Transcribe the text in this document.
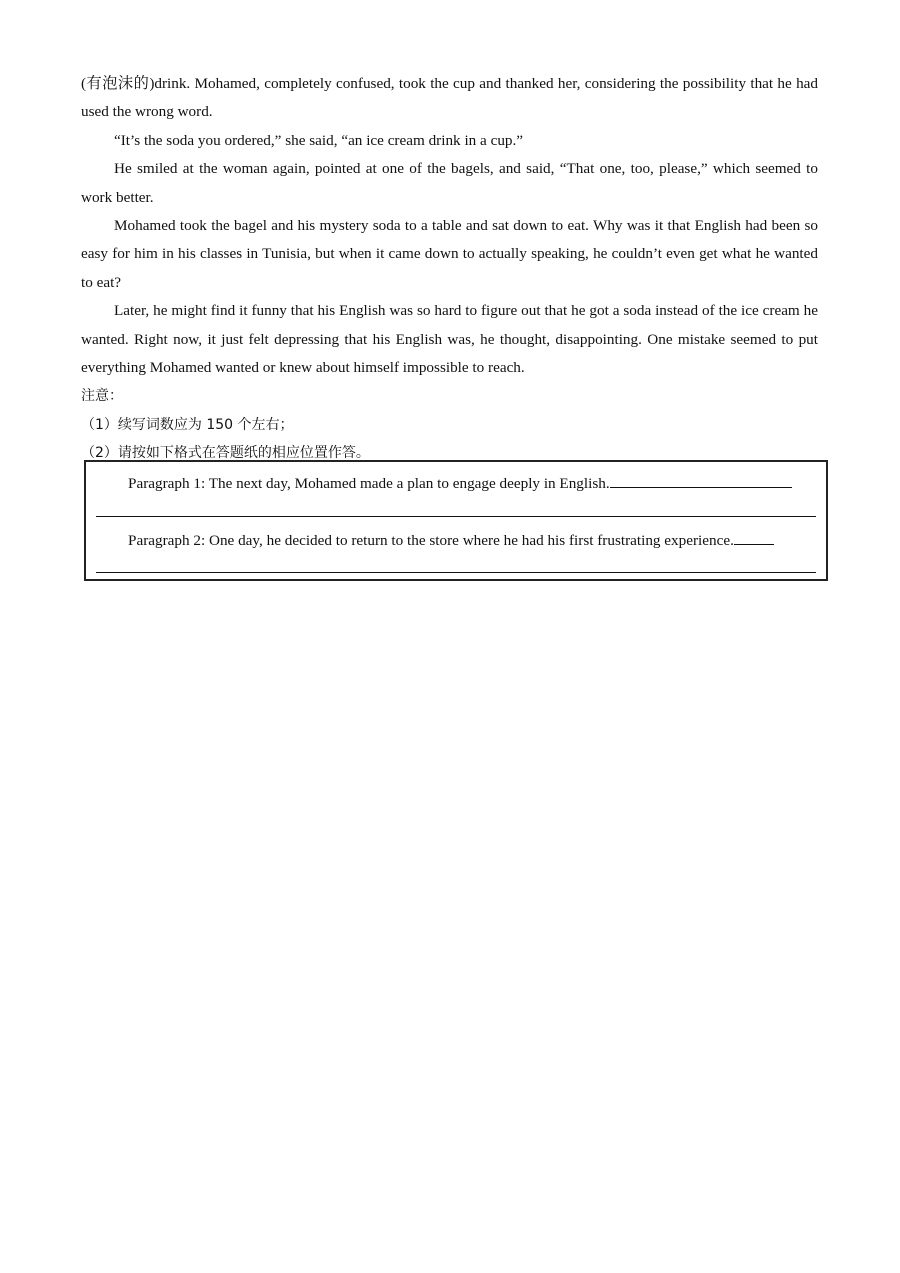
(有泡沫的)drink. Mohamed, completely confused, took the cup and thanked her, considering the possibility that he had used the wrong word.

“It’s the soda you ordered,” she said, “an ice cream drink in a cup.”

He smiled at the woman again, pointed at one of the bagels, and said, “That one, too, please,” which seemed to work better.

Mohamed took the bagel and his mystery soda to a table and sat down to eat. Why was it that English had been so easy for him in his classes in Tunisia, but when it came down to actually speaking, he couldn’t even get what he wanted to eat?

Later, he might find it funny that his English was so hard to figure out that he got a soda instead of the ice cream he wanted. Right now, it just felt depressing that his English was, he thought, disappointing. One mistake seemed to put everything Mohamed wanted or knew about himself impossible to reach.

注意：

（1）续写词数应为 150 个左右；

（2）请按如下格式在答题纸的相应位置作答。

Paragraph 1: The next day, Mohamed made a plan to engage deeply in English.
Paragraph 2: One day, he decided to return to the store where he had his first frustrating experience.
